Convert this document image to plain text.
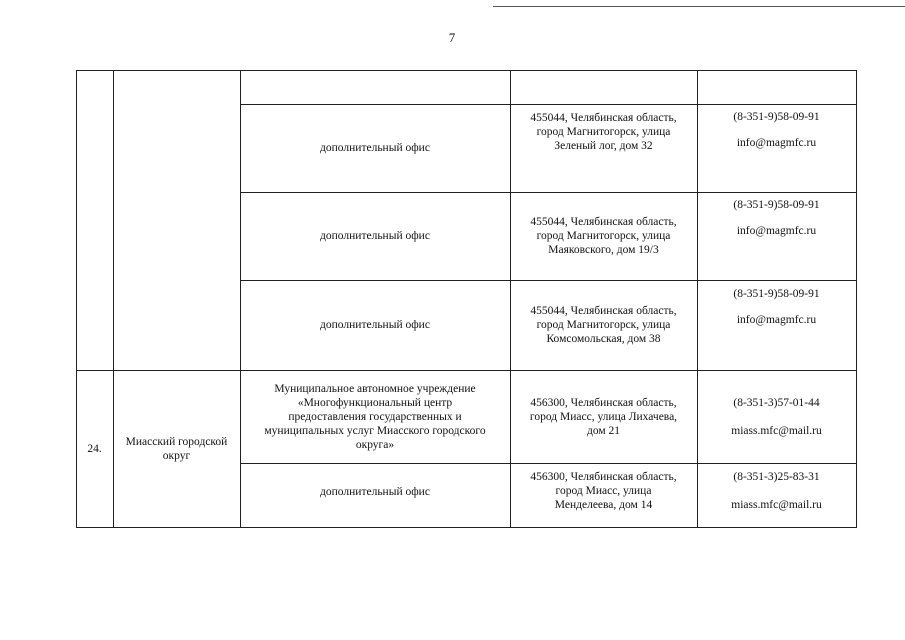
7
дополнительный офис
455044, Челябинская область,
город Магнитогорск, улица
Зеленый лог, дом 32
(8-351-9)58-09-91
info@magmfc.ru
дополнительный офис
455044, Челябинская область,
город Магнитогорск, улица
Маяковского, дом 19/3
(8-351-9)58-09-91
info@magmfc.ru
дополнительный офис
455044, Челябинская область,
город Магнитогорск, улица
Комсомольская, дом 38
(8-351-9)58-09-91
info@magmfc.ru
24.
Миасский городской
округ
Муниципальное автономное учреждение
«Многофункциональный центр
предоставления государственных и
муниципальных услуг Миасского городского
округа»
456300, Челябинская область,
город Миасс, улица Лихачева,
дом 21
(8-351-3)57-01-44
miass.mfc@mail.ru
дополнительный офис
456300, Челябинская область,
город Миасс, улица
Менделеева, дом 14
(8-351-3)25-83-31
miass.mfc@mail.ru
